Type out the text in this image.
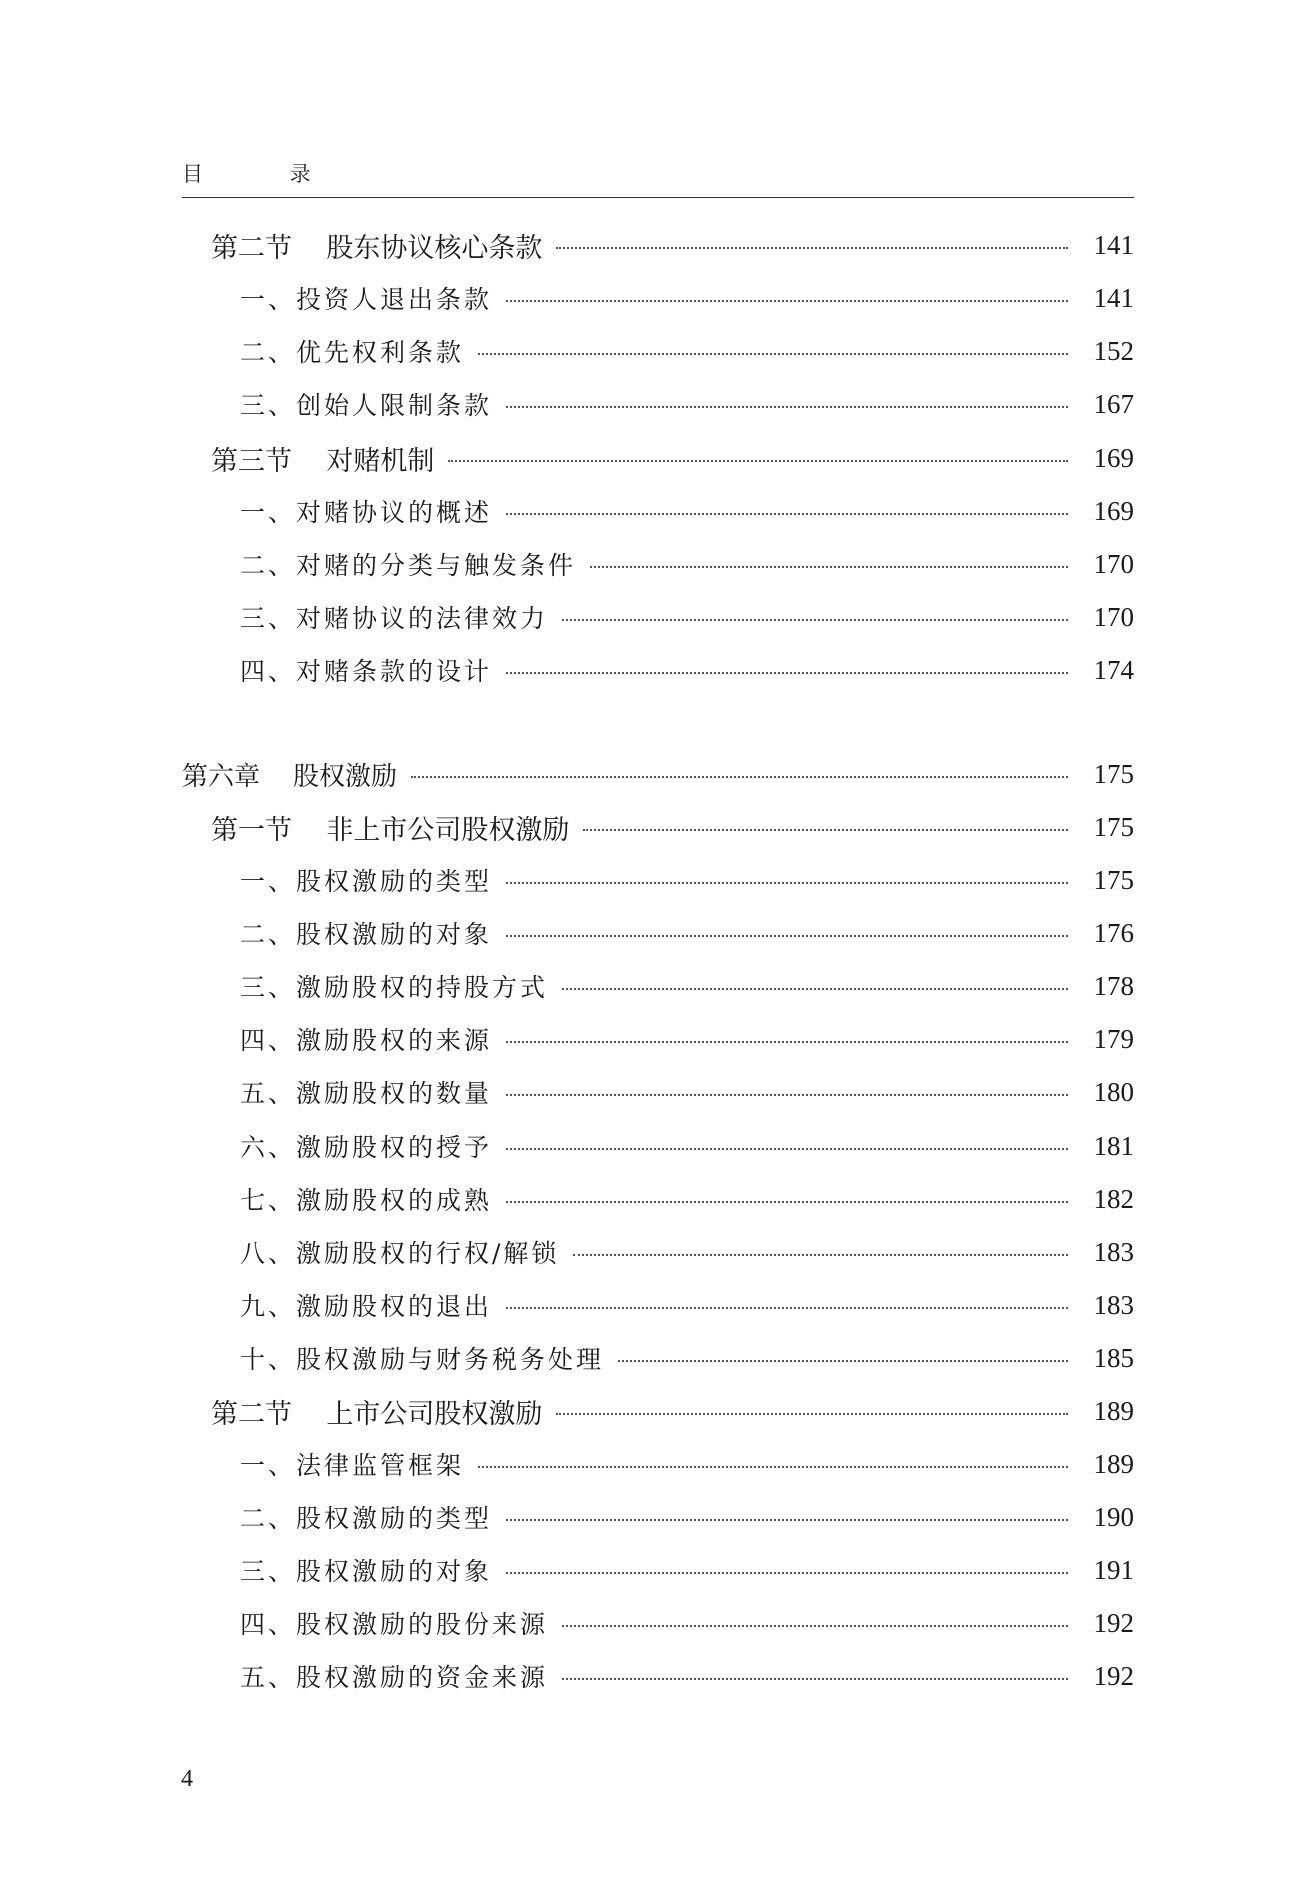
目 录
第二节    股东协议核心条款	141
一、投资人退出条款	141
二、优先权利条款	152
三、创始人限制条款	167
第三节    对赌机制	169
一、对赌协议的概述	169
二、对赌的分类与触发条件	170
三、对赌协议的法律效力	170
四、对赌条款的设计	174
第六章    股权激励	175
第一节    非上市公司股权激励	175
一、股权激励的类型	175
二、股权激励的对象	176
三、激励股权的持股方式	178
四、激励股权的来源	179
五、激励股权的数量	180
六、激励股权的授予	181
七、激励股权的成熟	182
八、激励股权的行权/解锁	183
九、激励股权的退出	183
十、股权激励与财务税务处理	185
第二节    上市公司股权激励	189
一、法律监管框架	189
二、股权激励的类型	190
三、股权激励的对象	191
四、股权激励的股份来源	192
五、股权激励的资金来源	192
4
